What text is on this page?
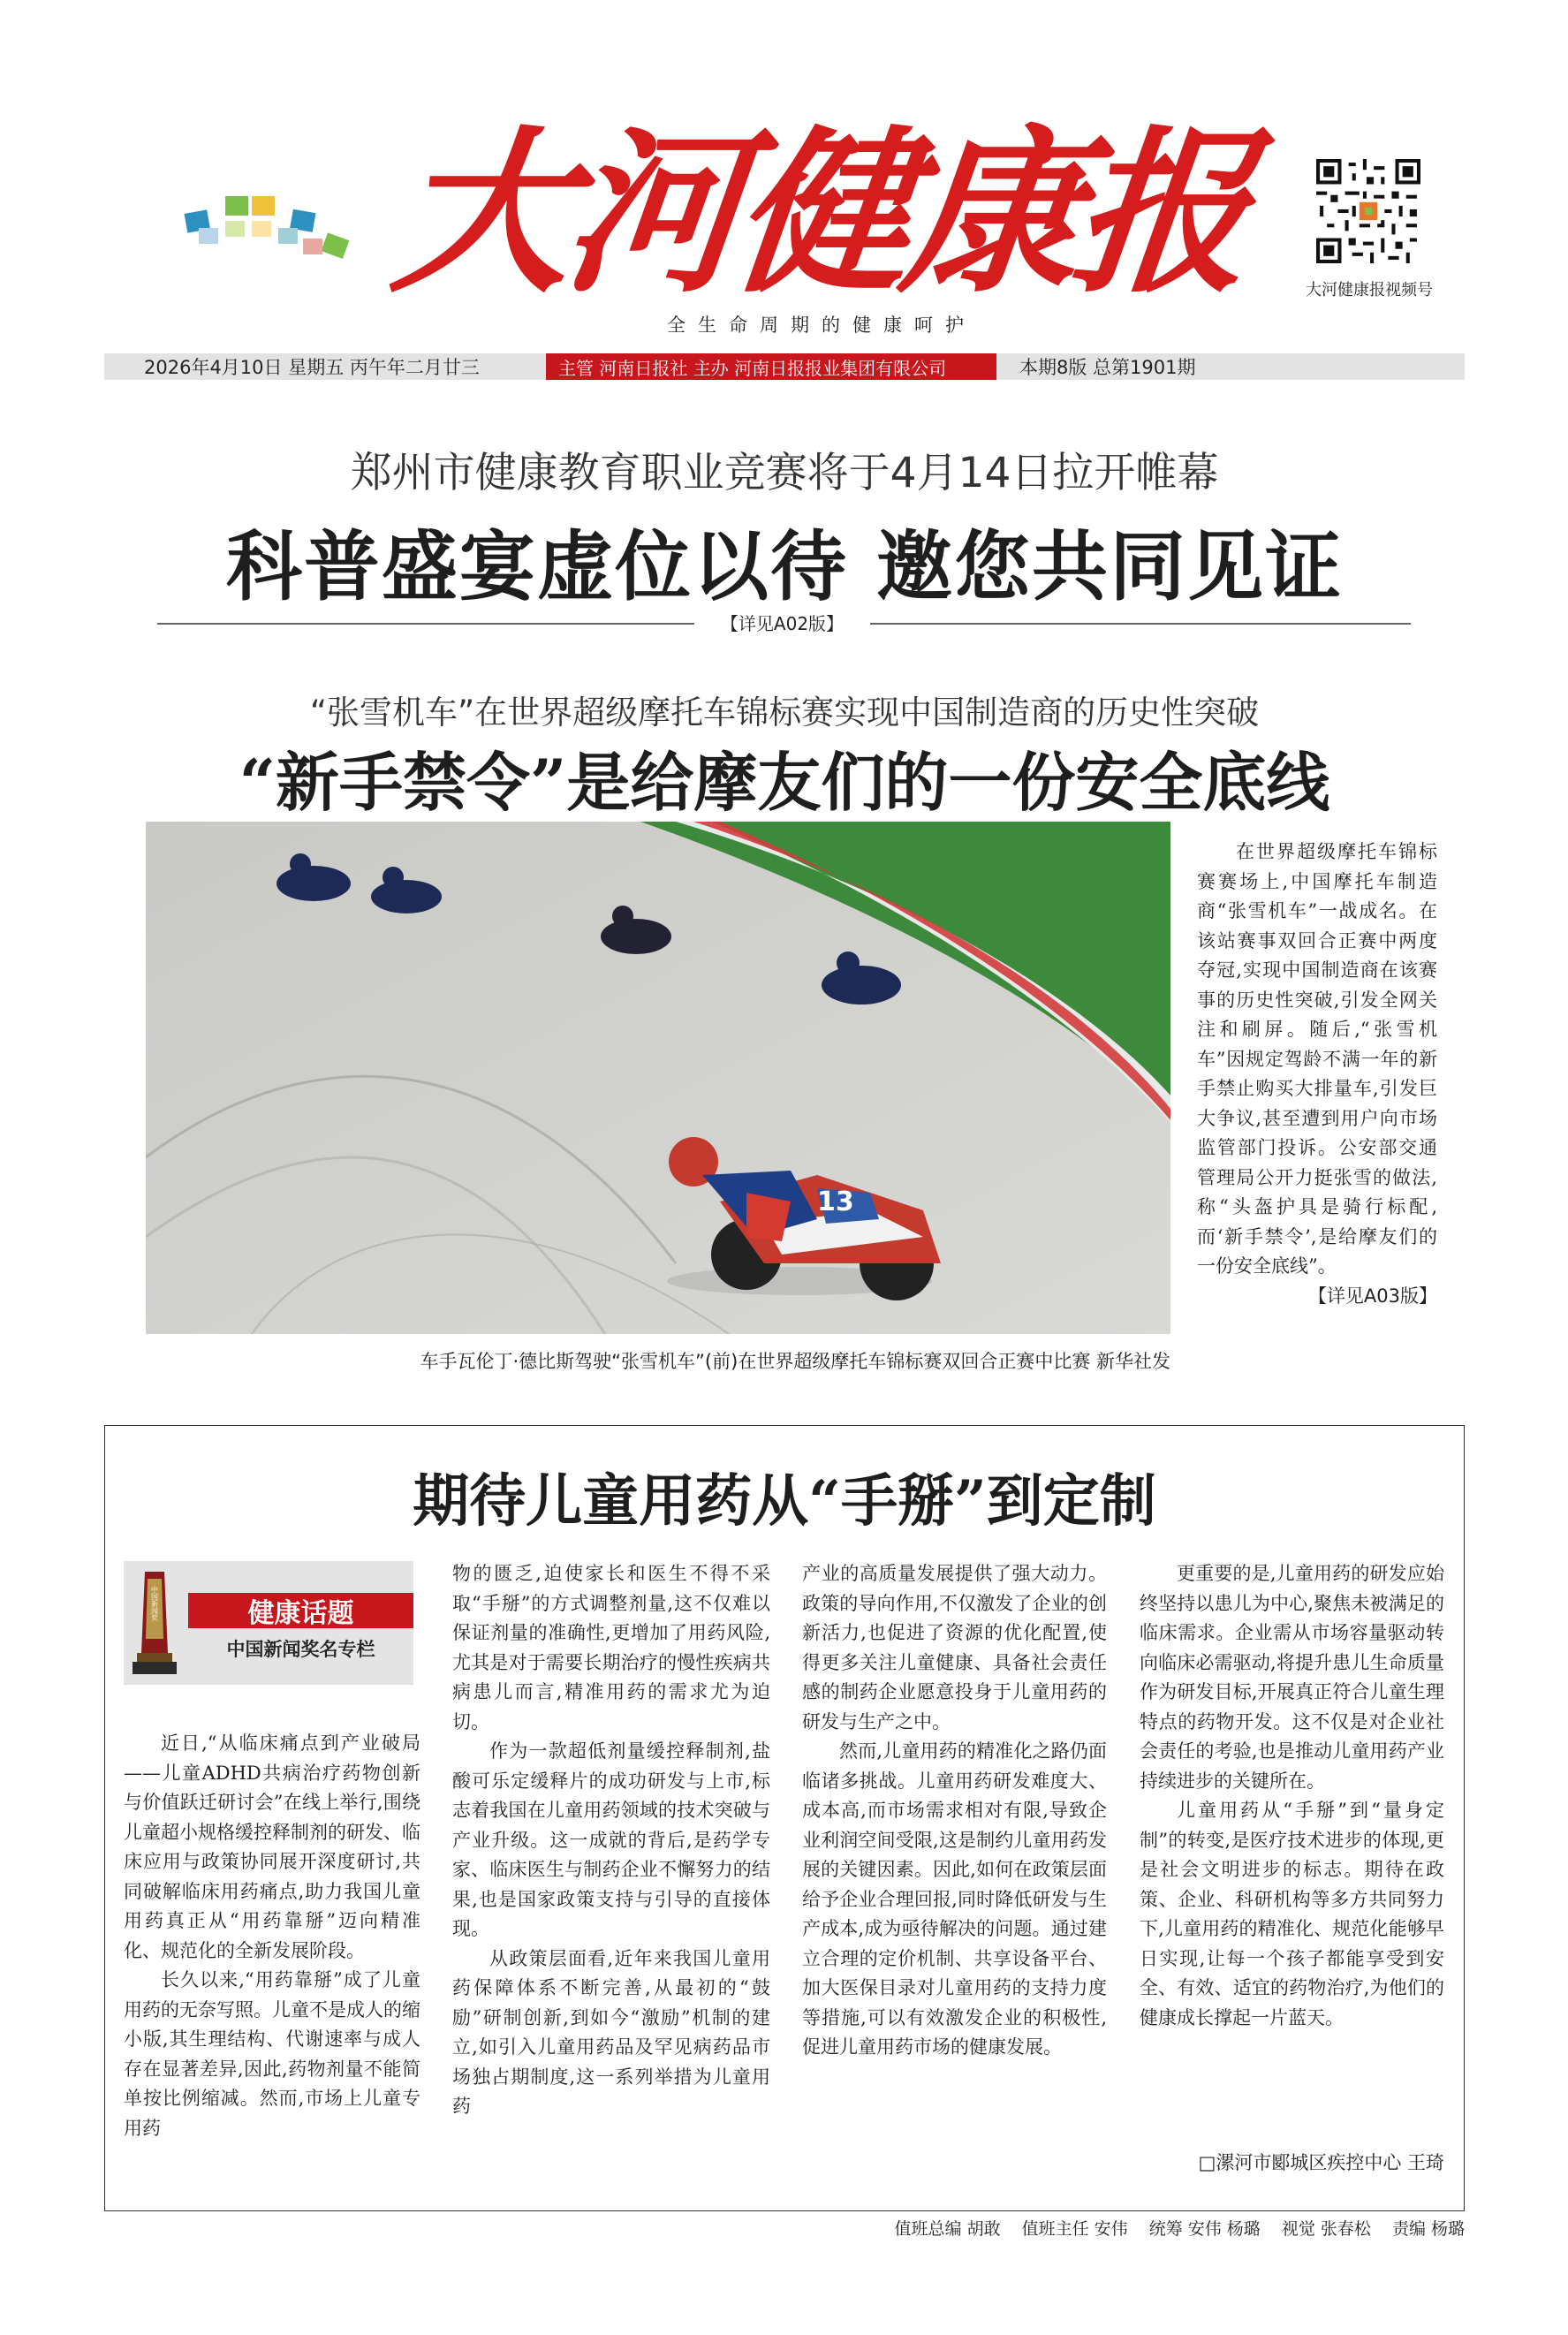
大河健康报
全生命周期的健康呵护
大河健康报视频号
2026年4月10日 星期五 丙午年二月廿三	主管 河南日报社 主办 河南日报报业集团有限公司	本期8版 总第1901期
郑州市健康教育职业竞赛将于4月14日拉开帷幕
科普盛宴虚位以待 邀您共同见证
【详见A02版】
“张雪机车”在世界超级摩托车锦标赛实现中国制造商的历史性突破
“新手禁令”是给摩友们的一份安全底线
13
车手瓦伦丁·德比斯驾驶“张雪机车”(前)在世界超级摩托车锦标赛双回合正赛中比赛 新华社发
在世界超级摩托车锦标赛赛场上,中国摩托车制造商“张雪机车”一战成名。在该站赛事双回合正赛中两度夺冠,实现中国制造商在该赛事的历史性突破,引发全网关注和刷屏。随后,“张雪机车”因规定驾龄不满一年的新手禁止购买大排量车,引发巨大争议,甚至遭到用户向市场监管部门投诉。公安部交通管理局公开力挺张雪的做法,称“头盔护具是骑行标配,而‘新手禁令’,是给摩友们的一份安全底线”。
【详见A03版】
期待儿童用药从“手掰”到定制
中国新闻奖	健康话题
中国新闻奖名专栏

近日,“从临床痛点到产业破局——儿童ADHD共病治疗药物创新与价值跃迁研讨会”在线上举行,围绕儿童超小规格缓控释制剂的研发、临床应用与政策协同展开深度研讨,共同破解临床用药痛点,助力我国儿童用药真正从“用药靠掰”迈向精准化、规范化的全新发展阶段。

长久以来,“用药靠掰”成了儿童用药的无奈写照。儿童不是成人的缩小版,其生理结构、代谢速率与成人存在显著差异,因此,药物剂量不能简单按比例缩减。然而,市场上儿童专用药

物的匮乏,迫使家长和医生不得不采取“手掰”的方式调整剂量,这不仅难以保证剂量的准确性,更增加了用药风险,尤其是对于需要长期治疗的慢性疾病共病患儿而言,精准用药的需求尤为迫切。

作为一款超低剂量缓控释制剂,盐酸可乐定缓释片的成功研发与上市,标志着我国在儿童用药领域的技术突破与产业升级。这一成就的背后,是药学专家、临床医生与制药企业不懈努力的结果,也是国家政策支持与引导的直接体现。

从政策层面看,近年来我国儿童用药保障体系不断完善,从最初的“鼓励”研制创新,到如今“激励”机制的建立,如引入儿童用药品及罕见病药品市场独占期制度,这一系列举措为儿童用药

产业的高质量发展提供了强大动力。政策的导向作用,不仅激发了企业的创新活力,也促进了资源的优化配置,使得更多关注儿童健康、具备社会责任感的制药企业愿意投身于儿童用药的研发与生产之中。

然而,儿童用药的精准化之路仍面临诸多挑战。儿童用药研发难度大、成本高,而市场需求相对有限,导致企业利润空间受限,这是制约儿童用药发展的关键因素。因此,如何在政策层面给予企业合理回报,同时降低研发与生产成本,成为亟待解决的问题。通过建立合理的定价机制、共享设备平台、加大医保目录对儿童用药的支持力度等措施,可以有效激发企业的积极性,促进儿童用药市场的健康发展。

更重要的是,儿童用药的研发应始终坚持以患儿为中心,聚焦未被满足的临床需求。企业需从市场容量驱动转向临床必需驱动,将提升患儿生命质量作为研发目标,开展真正符合儿童生理特点的药物开发。这不仅是对企业社会责任的考验,也是推动儿童用药产业持续进步的关键所在。

儿童用药从“手掰”到“量身定制”的转变,是医疗技术进步的体现,更是社会文明进步的标志。期待在政策、企业、科研机构等多方共同努力下,儿童用药的精准化、规范化能够早日实现,让每一个孩子都能享受到安全、有效、适宜的药物治疗,为他们的健康成长撑起一片蓝天。

□漯河市郾城区疾控中心 王琦
值班总编 胡敢 值班主任 安伟 统筹 安伟 杨璐 视觉 张春松 责编 杨璐
